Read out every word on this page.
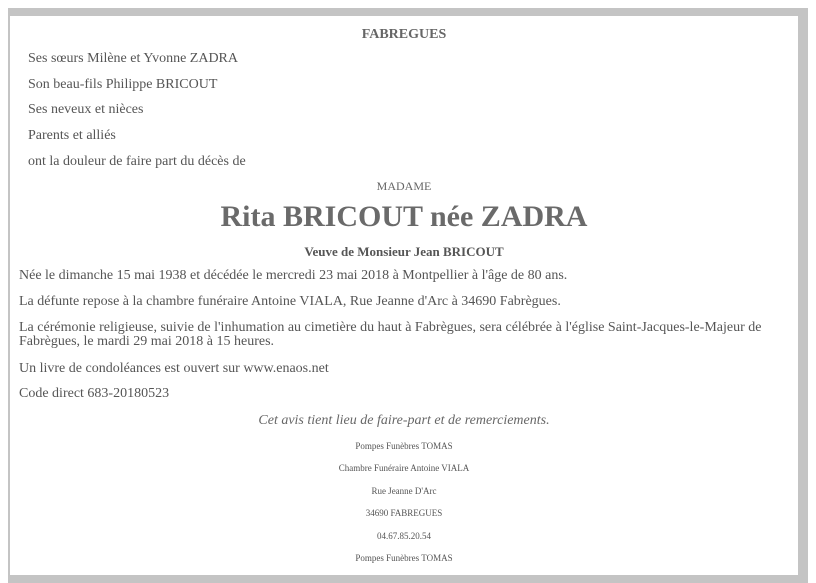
FABREGUES

Ses sœurs Milène et Yvonne ZADRA

Son beau-fils Philippe BRICOUT

Ses neveux et nièces

Parents et alliés

ont la douleur de faire part du décès de

MADAME

Rita BRICOUT née ZADRA

Veuve de Monsieur Jean BRICOUT

Née le dimanche 15 mai 1938 et décédée le mercredi 23 mai 2018 à Montpellier à l'âge de 80 ans.

La défunte repose à la chambre funéraire Antoine VIALA, Rue Jeanne d'Arc à 34690 Fabrègues.

La cérémonie religieuse, suivie de l'inhumation au cimetière du haut à Fabrègues, sera célébrée à l'église Saint-Jacques-le-Majeur de Fabrègues, le mardi 29 mai 2018 à 15 heures.

Un livre de condoléances est ouvert sur www.enaos.net

Code direct 683-20180523

Cet avis tient lieu de faire-part et de remerciements.

Pompes Funèbres TOMAS

Chambre Funéraire Antoine VIALA

Rue Jeanne D'Arc

34690 FABREGUES

04.67.85.20.54

Pompes Funèbres TOMAS
